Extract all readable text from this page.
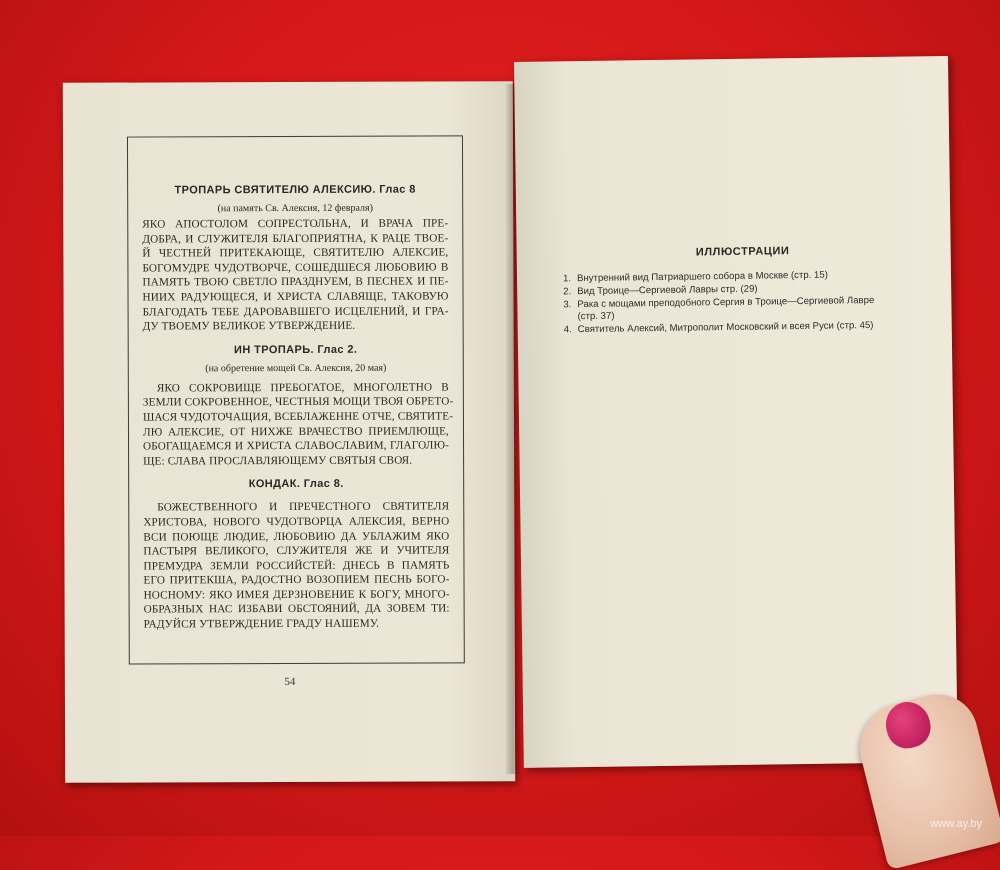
ТРОПАРЬ СВЯТИТЕЛЮ АЛЕКСИЮ. Глас 8

(на память Св. Алексия, 12 февраля)

ЯКО АПОСТОЛОМ СОПРЕСТОЛЬНА, И ВРАЧА ПРЕ-
ДОБРА, И СЛУЖИТЕЛЯ БЛАГОПРИЯТНА, К РАЦЕ ТВОЕ-
Й ЧЕСТНЕЙ ПРИТЕКАЮЩЕ, СВЯТИТЕЛЮ АЛЕКСИЕ,
БОГОМУДРЕ ЧУДОТВОРЧЕ, СОШЕДШЕСЯ ЛЮБОВИЮ В
ПАМЯТЬ ТВОЮ СВЕТЛО ПРАЗДНУЕМ, В ПЕСНЕХ И ПЕ-
НИИХ РАДУЮЩЕСЯ, И ХРИСТА СЛАВЯЩЕ, ТАКОВУЮ
БЛАГОДАТЬ ТЕБЕ ДАРОВАВШЕГО ИСЦЕЛЕНИЙ, И ГРА-
ДУ ТВОЕМУ ВЕЛИКОЕ УТВЕРЖДЕНИЕ.

ИН ТРОПАРЬ. Глас 2.

(на обретение мощей Св. Алексия, 20 мая)

ЯКО СОКРОВИЩЕ ПРЕБОГАТОЕ, МНОГОЛЕТНО В
ЗЕМЛИ СОКРОВЕННОЕ, ЧЕСТНЫЯ МОЩИ ТВОЯ ОБРЕТО-
ШАСЯ ЧУДОТОЧАЩИЯ, ВСЕБЛАЖЕННЕ ОТЧЕ, СВЯТИТЕ-
ЛЮ АЛЕКСИЕ, ОТ НИХЖЕ ВРАЧЕСТВО ПРИЕМЛЮЩЕ,
ОБОГАЩАЕМСЯ И ХРИСТА СЛАВОСЛАВИМ, ГЛАГОЛЮ-
ЩЕ: СЛАВА ПРОСЛАВЛЯЮЩЕМУ СВЯТЫЯ СВОЯ.

КОНДАК. Глас 8.

БОЖЕСТВЕННОГО И ПРЕЧЕСТНОГО СВЯТИТЕЛЯ
ХРИСТОВА, НОВОГО ЧУДОТВОРЦА АЛЕКСИЯ, ВЕРНО
ВСИ ПОЮЩЕ ЛЮДИЕ, ЛЮБОВИЮ ДА УБЛАЖИМ ЯКО
ПАСТЫРЯ ВЕЛИКОГО, СЛУЖИТЕЛЯ ЖЕ И УЧИТЕЛЯ
ПРЕМУДРА ЗЕМЛИ РОССИЙСТЕЙ: ДНЕСЬ В ПАМЯТЬ
ЕГО ПРИТЕКША, РАДОСТНО ВОЗОПИЕМ ПЕСНЬ БОГО-
НОСНОМУ: ЯКО ИМЕЯ ДЕРЗНОВЕНИЕ К БОГУ, МНОГО-
ОБРАЗНЫХ НАС ИЗБАВИ ОБСТОЯНИЙ, ДА ЗОВЕМ ТИ:
РАДУЙСЯ УТВЕРЖДЕНИЕ ГРАДУ НАШЕМУ.
54
ИЛЛЮСТРАЦИИ
1. Внутренний вид Патриаршего собора в Москве (стр. 15)
2. Вид Троице—Сергиевой Лавры стр. (29)
3. Рака с мощами преподобного Сергия в Троице—Сергиевой Лавре (стр. 37)
4. Святитель Алексий, Митрополит Московский и всея Руси (стр. 45)
www.ay.by
